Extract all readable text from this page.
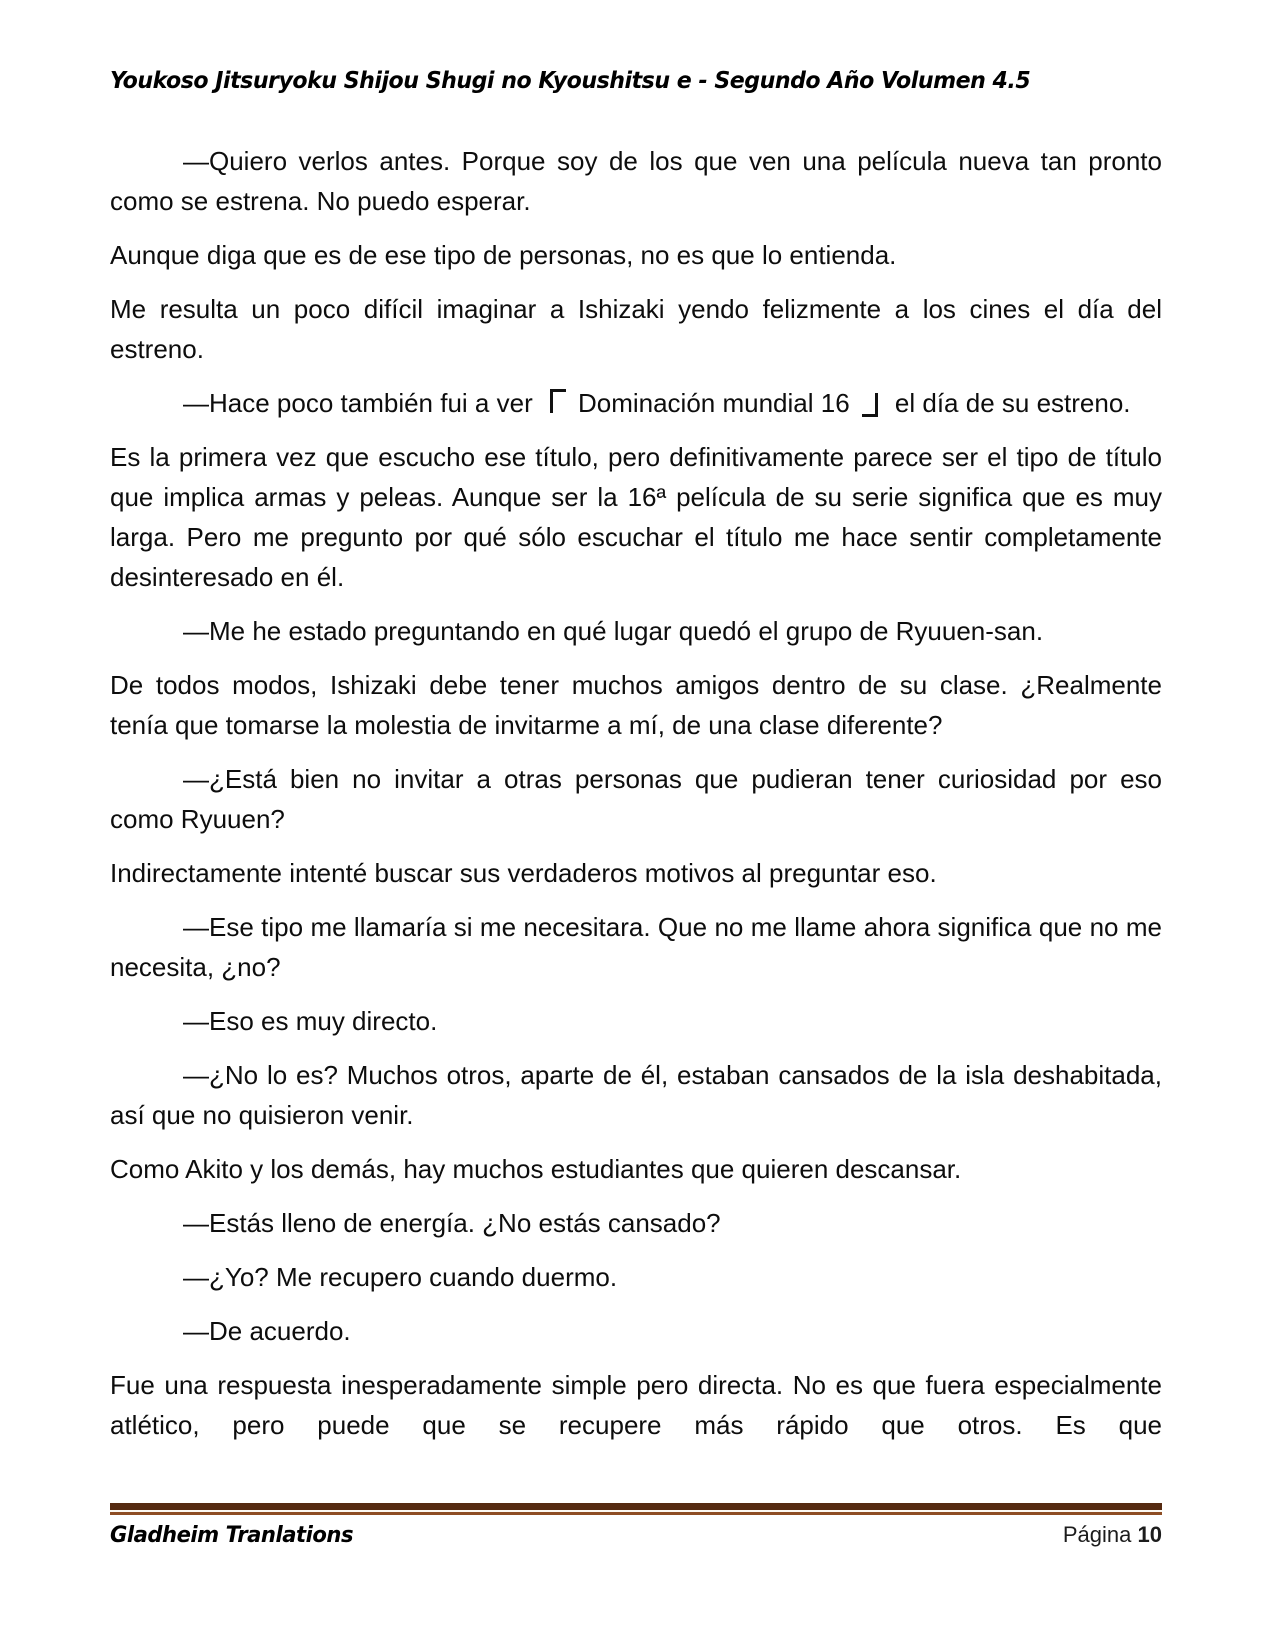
Youkoso Jitsuryoku Shijou Shugi no Kyoushitsu e - Segundo Año Volumen 4.5

—Quiero verlos antes. Porque soy de los que ven una película nueva tan pronto como se estrena. No puedo esperar.

Aunque diga que es de ese tipo de personas, no es que lo entienda.

Me resulta un poco difícil imaginar a Ishizaki yendo felizmente a los cines el día del estreno.

―Hace poco también fui a ver Dominación mundial 16 el día de su estreno.

Es la primera vez que escucho ese título, pero definitivamente parece ser el tipo de título que implica armas y peleas. Aunque ser la 16ª película de su serie significa que es muy larga. Pero me pregunto por qué sólo escuchar el título me hace sentir completamente desinteresado en él.

—Me he estado preguntando en qué lugar quedó el grupo de Ryuuen-san.

De todos modos, Ishizaki debe tener muchos amigos dentro de su clase. ¿Realmente tenía que tomarse la molestia de invitarme a mí, de una clase diferente?

—¿Está bien no invitar a otras personas que pudieran tener curiosidad por eso como Ryuuen?

Indirectamente intenté buscar sus verdaderos motivos al preguntar eso.

—Ese tipo me llamaría si me necesitara. Que no me llame ahora significa que no me necesita, ¿no?

—Eso es muy directo.

—¿No lo es? Muchos otros, aparte de él, estaban cansados de la isla deshabitada, así que no quisieron venir.

Como Akito y los demás, hay muchos estudiantes que quieren descansar.

—Estás lleno de energía. ¿No estás cansado?

—¿Yo? Me recupero cuando duermo.

—De acuerdo.

Fue una respuesta inesperadamente simple pero directa. No es que fuera especialmente atlético, pero puede que se recupere más rápido que otros. Es que

Gladheim Tranlations	Página 10
